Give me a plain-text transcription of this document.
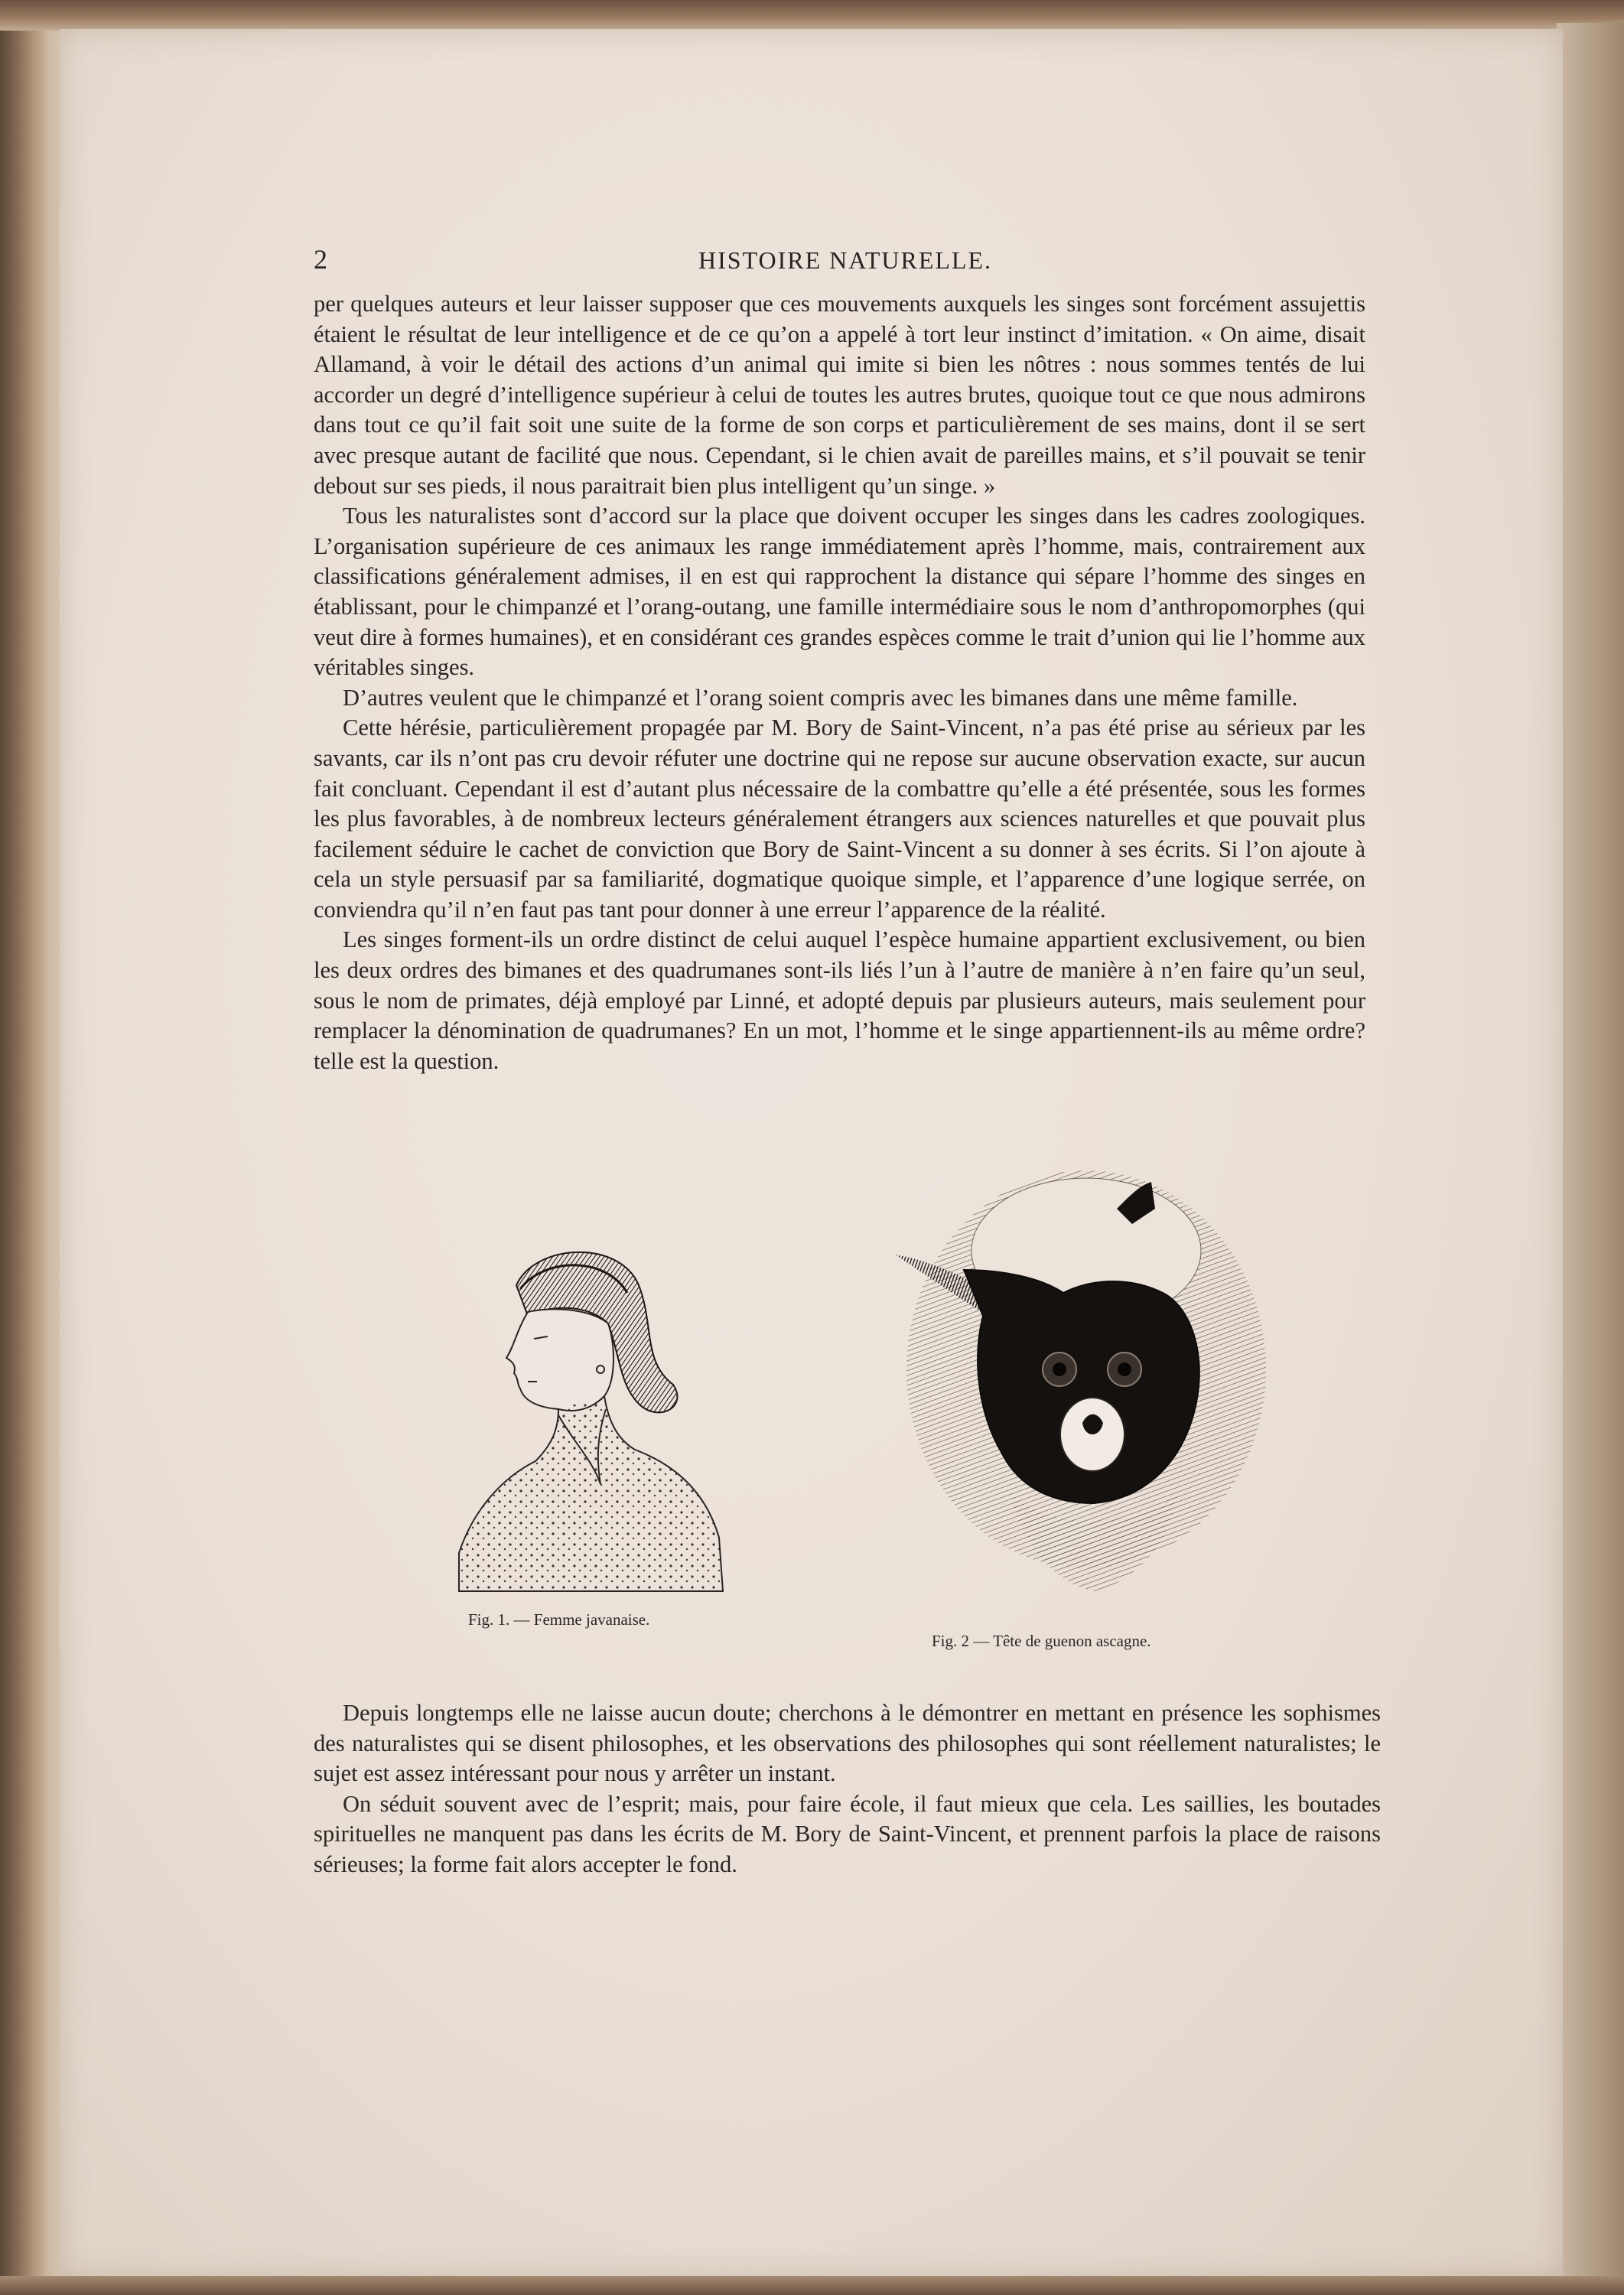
2	HISTOIRE NATURELLE.

per quelques auteurs et leur laisser supposer que ces mouvements auxquels les singes sont forcément assujettis étaient le résultat de leur intelligence et de ce qu’on a appelé à tort leur instinct d’imitation. « On aime, disait Allamand, à voir le détail des actions d’un animal qui imite si bien les nôtres : nous sommes tentés de lui accorder un degré d’intelligence supérieur à celui de toutes les autres brutes, quoique tout ce que nous admirons dans tout ce qu’il fait soit une suite de la forme de son corps et particulièrement de ses mains, dont il se sert avec presque autant de facilité que nous. Cependant, si le chien avait de pareilles mains, et s’il pouvait se tenir debout sur ses pieds, il nous paraitrait bien plus intelligent qu’un singe. »

Tous les naturalistes sont d’accord sur la place que doivent occuper les singes dans les cadres zoologiques. L’organisation supérieure de ces animaux les range immédiatement après l’homme, mais, contrairement aux classifications généralement admises, il en est qui rapprochent la distance qui sépare l’homme des singes en établissant, pour le chimpanzé et l’orang-outang, une famille intermédiaire sous le nom d’anthropomorphes (qui veut dire à formes humaines), et en considérant ces grandes espèces comme le trait d’union qui lie l’homme aux véritables singes.

D’autres veulent que le chimpanzé et l’orang soient compris avec les bimanes dans une même famille.

Cette hérésie, particulièrement propagée par M. Bory de Saint-Vincent, n’a pas été prise au sérieux par les savants, car ils n’ont pas cru devoir réfuter une doctrine qui ne repose sur aucune observation exacte, sur aucun fait concluant. Cependant il est d’autant plus nécessaire de la combattre qu’elle a été présentée, sous les formes les plus favorables, à de nombreux lecteurs généralement étrangers aux sciences naturelles et que pouvait plus facilement séduire le cachet de conviction que Bory de Saint-Vincent a su donner à ses écrits. Si l’on ajoute à cela un style persuasif par sa familiarité, dogmatique quoique simple, et l’apparence d’une logique serrée, on conviendra qu’il n’en faut pas tant pour donner à une erreur l’apparence de la réalité.

Les singes forment-ils un ordre distinct de celui auquel l’espèce humaine appartient exclusivement, ou bien les deux ordres des bimanes et des quadrumanes sont-ils liés l’un à l’autre de manière à n’en faire qu’un seul, sous le nom de primates, déjà employé par Linné, et adopté depuis par plusieurs auteurs, mais seulement pour remplacer la dénomination de quadrumanes? En un mot, l’homme et le singe appartiennent-ils au même ordre? telle est la question.

Fig. 1. — Femme javanaise.
Fig. 2 — Tête de guenon ascagne.

Depuis longtemps elle ne laisse aucun doute; cherchons à le démontrer en mettant en présence les sophismes des naturalistes qui se disent philosophes, et les observations des philosophes qui sont réellement naturalistes; le sujet est assez intéressant pour nous y arrêter un instant.

On séduit souvent avec de l’esprit; mais, pour faire école, il faut mieux que cela. Les saillies, les boutades spirituelles ne manquent pas dans les écrits de M. Bory de Saint-Vincent, et prennent parfois la place de raisons sérieuses; la forme fait alors accepter le fond.
